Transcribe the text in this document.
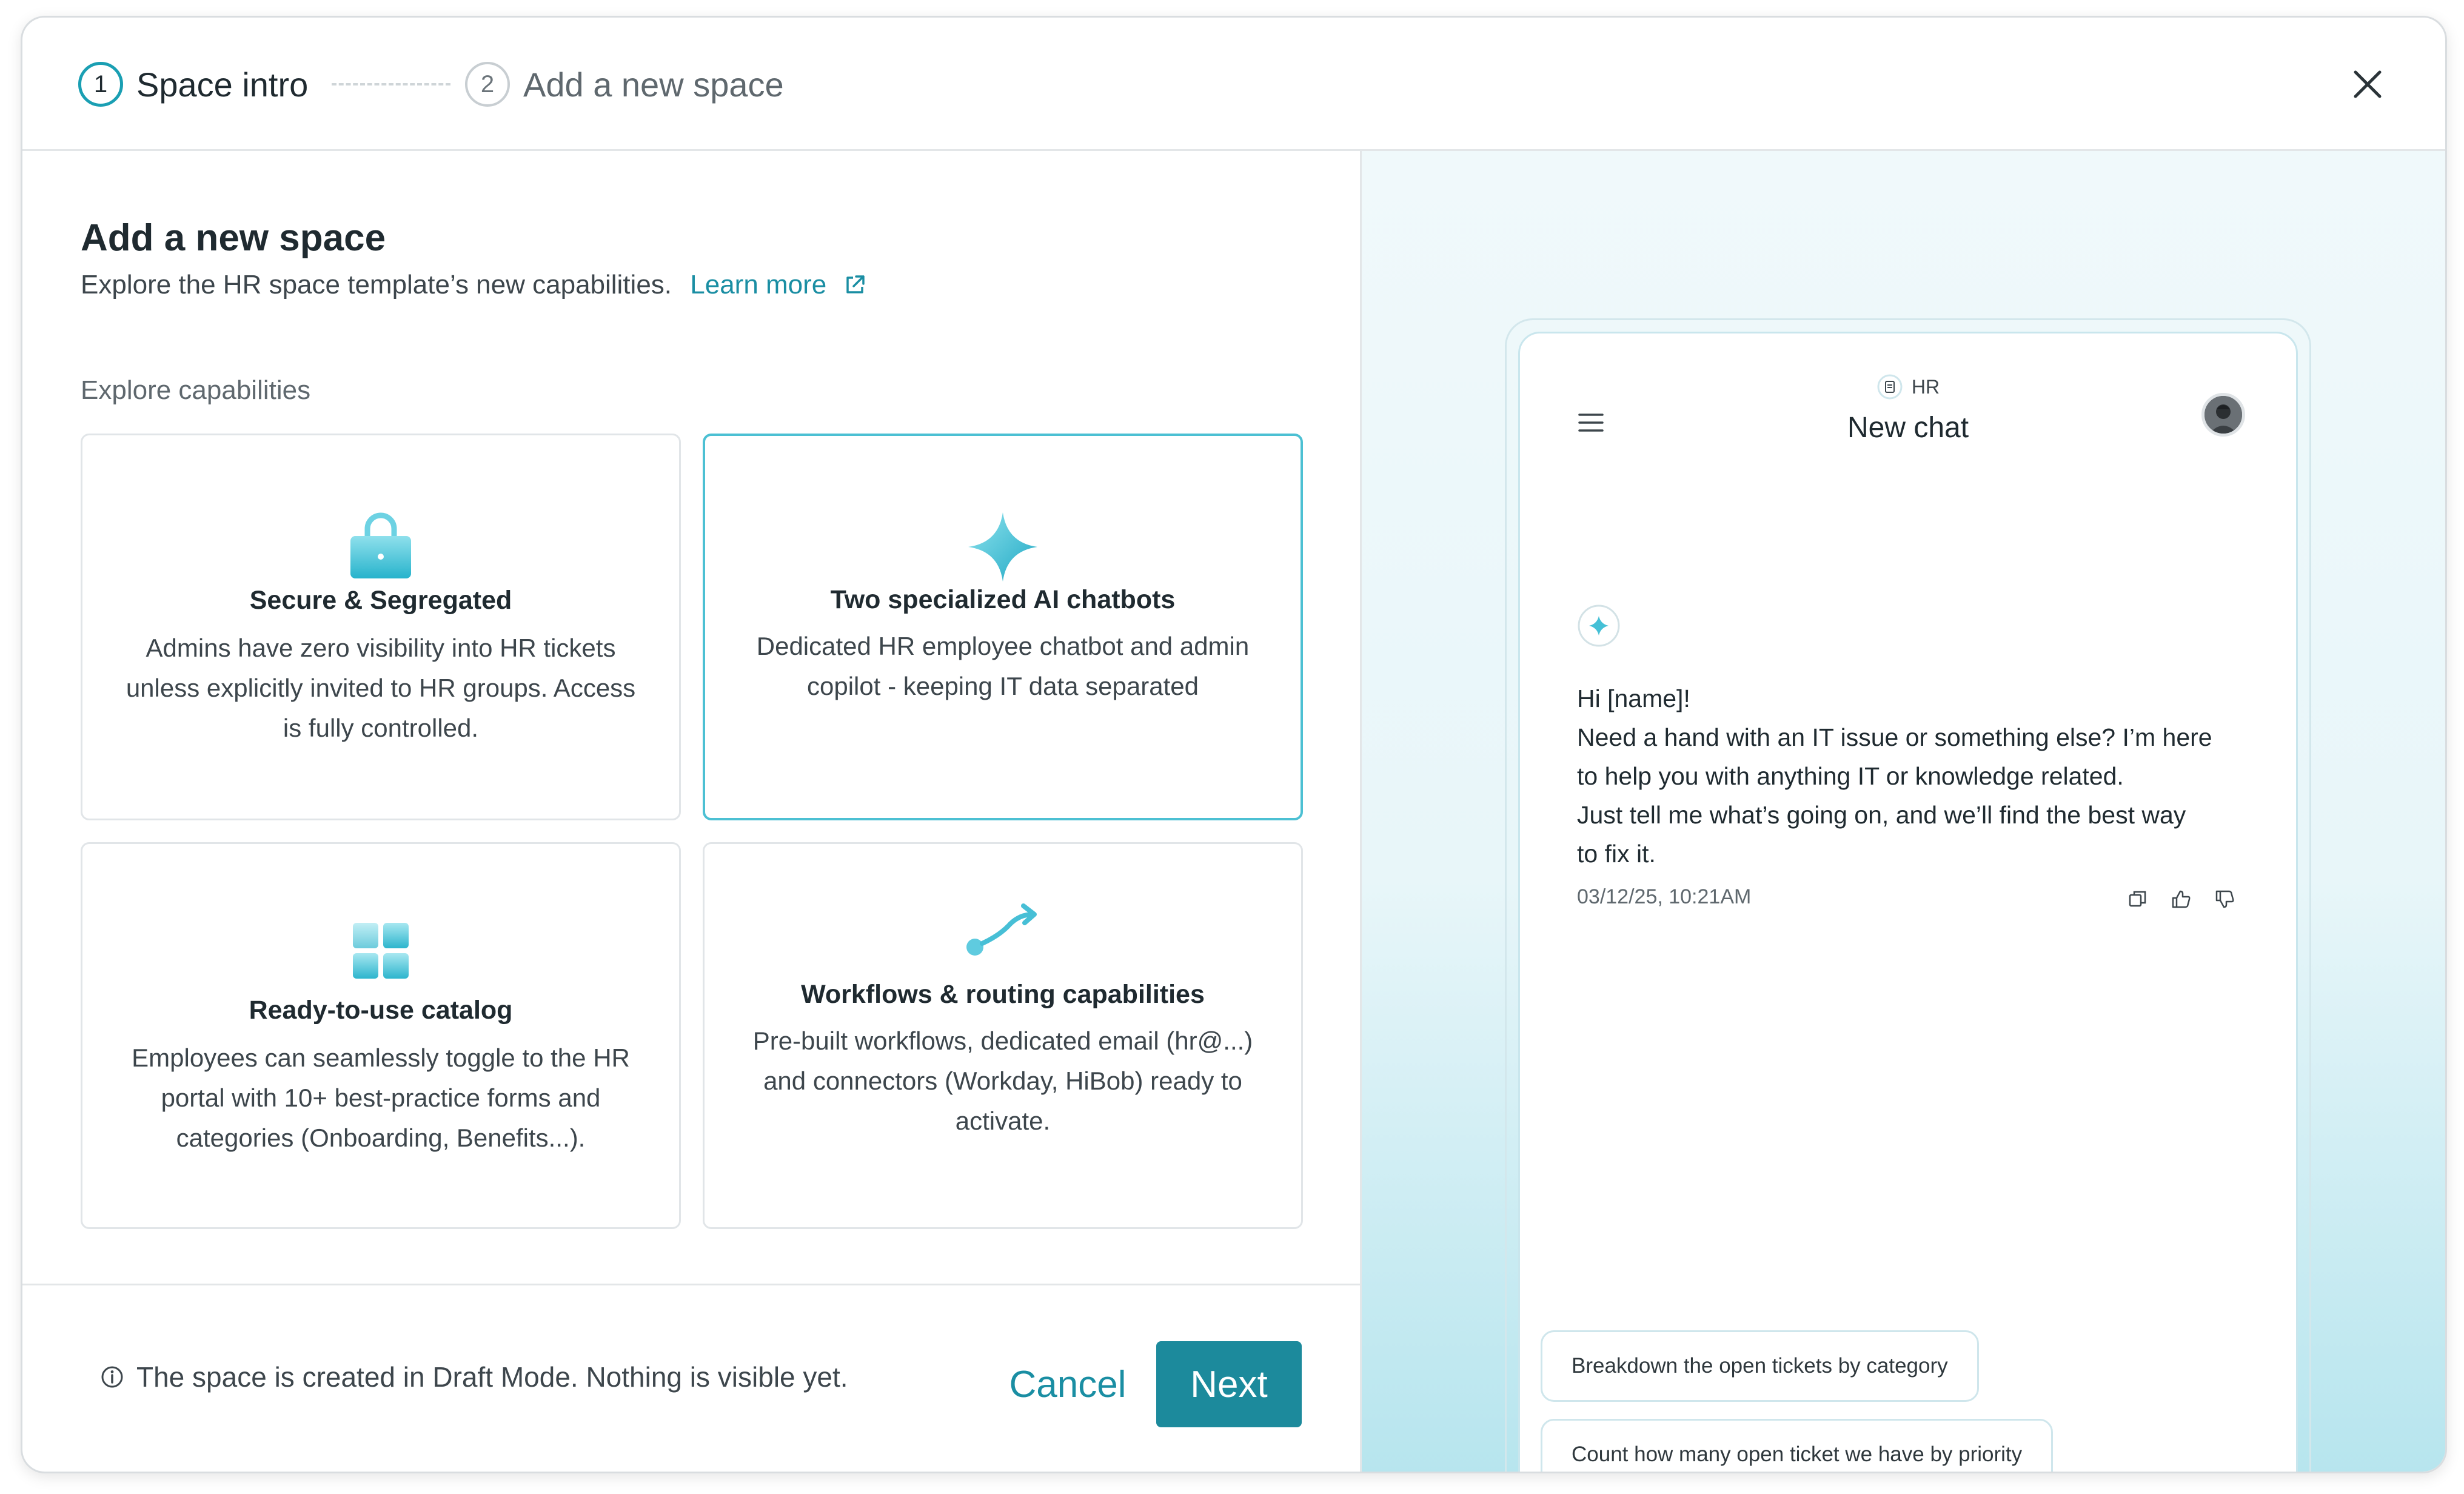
1 Space intro	2 Add a new space
Add a new space
Explore the HR space template’s new capabilities. Learn more
Explore capabilities
Secure & Segregated
Admins have zero visibility into HR tickets
unless explicitly invited to HR groups. Access
is fully controlled.
Two specialized AI chatbots
Dedicated HR employee chatbot and admin
copilot - keeping IT data separated
Ready-to-use catalog
Employees can seamlessly toggle to the HR
portal with 10+ best-practice forms and
categories (Onboarding, Benefits...).
Workflows & routing capabilities
Pre-built workflows, dedicated email (hr@...)
and connectors (Workday, HiBob) ready to
activate.
The space is created in Draft Mode. Nothing is visible yet.	Cancel	Next
HR
New chat
Hi [name]!
Need a hand with an IT issue or something else? I’m here
to help you with anything IT or knowledge related.
Just tell me what’s going on, and we’ll find the best way
to fix it.
03/12/25, 10:21AM
Breakdown the open tickets by category
Count how many open ticket we have by priority
